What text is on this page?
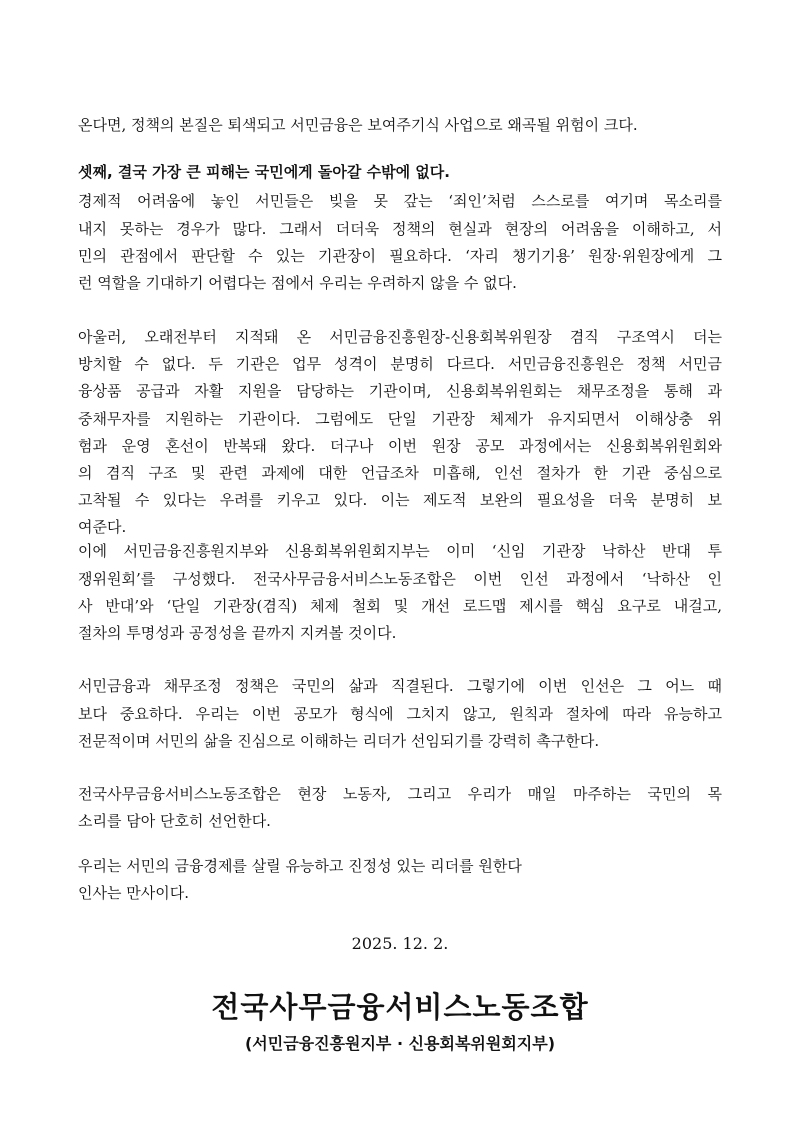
온다면, 정책의 본질은 퇴색되고 서민금융은 보여주기식 사업으로 왜곡될 위험이 크다.
셋째, 결국 가장 큰 피해는 국민에게 돌아갈 수밖에 없다.
경제적 어려움에 놓인 서민들은 빚을 못 갚는 ‘죄인’처럼 스스로를 여기며 목소리를
내지 못하는 경우가 많다. 그래서 더더욱 정책의 현실과 현장의 어려움을 이해하고, 서
민의 관점에서 판단할 수 있는 기관장이 필요하다. ‘자리 챙기기용’ 원장·위원장에게 그
런 역할을 기대하기 어렵다는 점에서 우리는 우려하지 않을 수 없다.
아울러, 오래전부터 지적돼 온 서민금융진흥원장-신용회복위원장 겸직 구조역시 더는
방치할 수 없다. 두 기관은 업무 성격이 분명히 다르다. 서민금융진흥원은 정책 서민금
융상품 공급과 자활 지원을 담당하는 기관이며, 신용회복위원회는 채무조정을 통해 과
중채무자를 지원하는 기관이다. 그럼에도 단일 기관장 체제가 유지되면서 이해상충 위
험과 운영 혼선이 반복돼 왔다. 더구나 이번 원장 공모 과정에서는 신용회복위원회와
의 겸직 구조 및 관련 과제에 대한 언급조차 미흡해, 인선 절차가 한 기관 중심으로
고착될 수 있다는 우려를 키우고 있다. 이는 제도적 보완의 필요성을 더욱 분명히 보
여준다.
이에 서민금융진흥원지부와 신용회복위원회지부는 이미 ‘신임 기관장 낙하산 반대 투
쟁위원회’를 구성했다. 전국사무금융서비스노동조합은 이번 인선 과정에서 ‘낙하산 인
사 반대’와 ‘단일 기관장(겸직) 체제 철회 및 개선 로드맵 제시를 핵심 요구로 내걸고,
절차의 투명성과 공정성을 끝까지 지켜볼 것이다.
서민금융과 채무조정 정책은 국민의 삶과 직결된다. 그렇기에 이번 인선은 그 어느 때
보다 중요하다. 우리는 이번 공모가 형식에 그치지 않고, 원칙과 절차에 따라 유능하고
전문적이며 서민의 삶을 진심으로 이해하는 리더가 선임되기를 강력히 촉구한다.
전국사무금융서비스노동조합은 현장 노동자, 그리고 우리가 매일 마주하는 국민의 목
소리를 담아 단호히 선언한다.
우리는 서민의 금융경제를 살릴 유능하고 진정성 있는 리더를 원한다
인사는 만사이다.
2025. 12. 2.
전국사무금융서비스노동조합
(서민금융진흥원지부 · 신용회복위원회지부)
